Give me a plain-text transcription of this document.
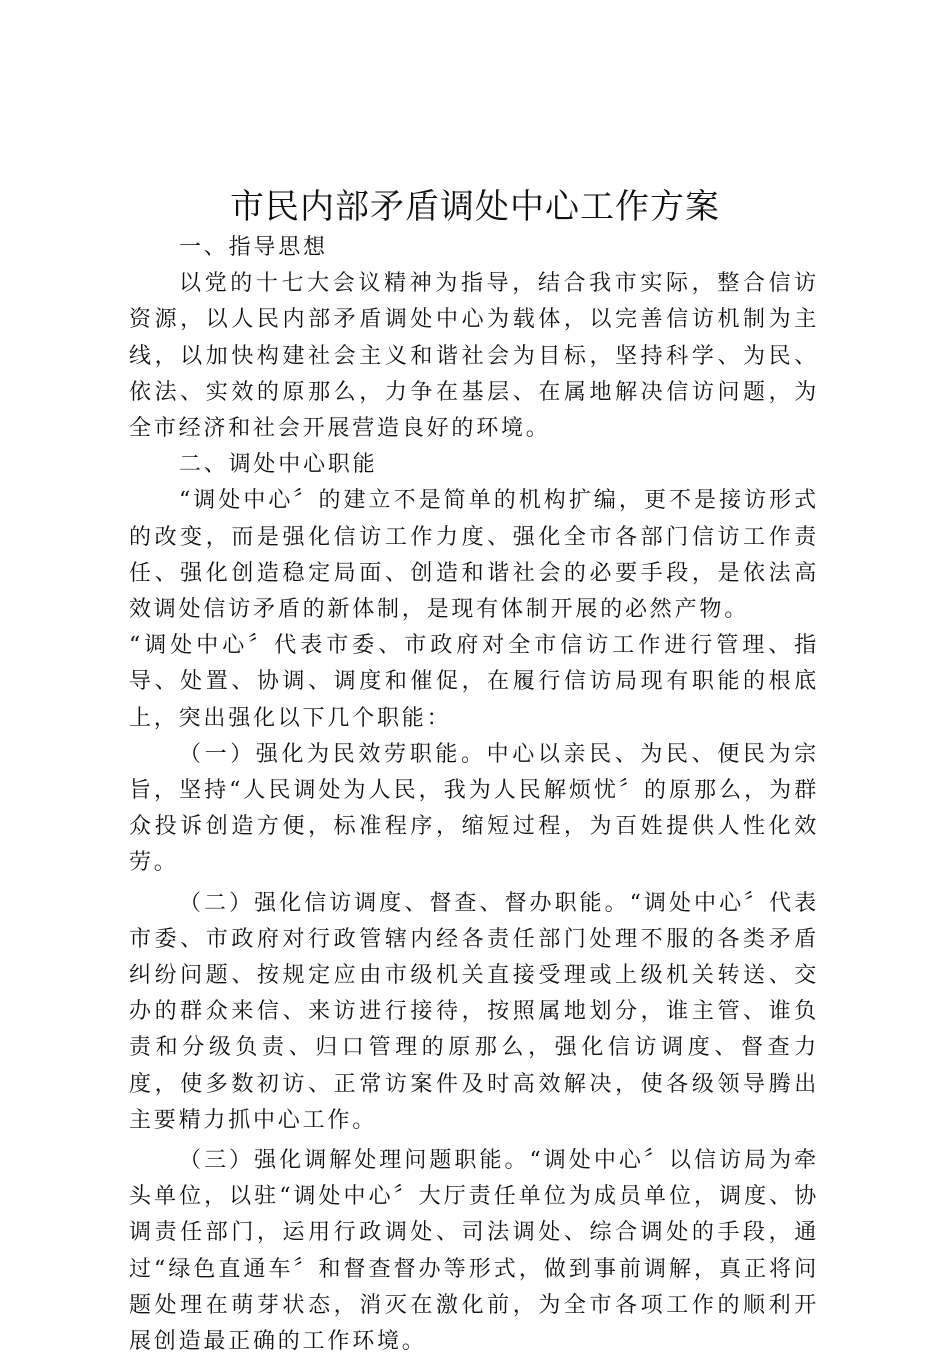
市民内部矛盾调处中心工作方案

一、指导思想

以党的十七大会议精神为指导，结合我市实际，整合信访资源，以人民内部矛盾调处中心为载体，以完善信访机制为主线，以加快构建社会主义和谐社会为目标，坚持科学、为民、依法、实效的原那么，力争在基层、在属地解决信访问题，为全市经济和社会开展营造良好的环境。

二、调处中心职能

“调处中心〞的建立不是简单的机构扩编，更不是接访形式的改变，而是强化信访工作力度、强化全市各部门信访工作责任、强化创造稳定局面、创造和谐社会的必要手段，是依法高效调处信访矛盾的新体制，是现有体制开展的必然产物。

“调处中心〞代表市委、市政府对全市信访工作进行管理、指导、处置、协调、调度和催促，在履行信访局现有职能的根底上，突出强化以下几个职能：

（一）强化为民效劳职能。中心以亲民、为民、便民为宗旨，坚持“人民调处为人民，我为人民解烦忧〞的原那么，为群众投诉创造方便，标准程序，缩短过程，为百姓提供人性化效劳。

（二）强化信访调度、督查、督办职能。“调处中心〞代表市委、市政府对行政管辖内经各责任部门处理不服的各类矛盾纠纷问题、按规定应由市级机关直接受理或上级机关转送、交办的群众来信、来访进行接待，按照属地划分，谁主管、谁负责和分级负责、归口管理的原那么，强化信访调度、督查力度，使多数初访、正常访案件及时高效解决，使各级领导腾出主要精力抓中心工作。

（三）强化调解处理问题职能。“调处中心〞以信访局为牵头单位，以驻“调处中心〞大厅责任单位为成员单位，调度、协调责任部门，运用行政调处、司法调处、综合调处的手段，通过“绿色直通车〞和督查督办等形式，做到事前调解，真正将问题处理在萌芽状态，消灭在激化前，为全市各项工作的顺利开展创造最正确的工作环境。
